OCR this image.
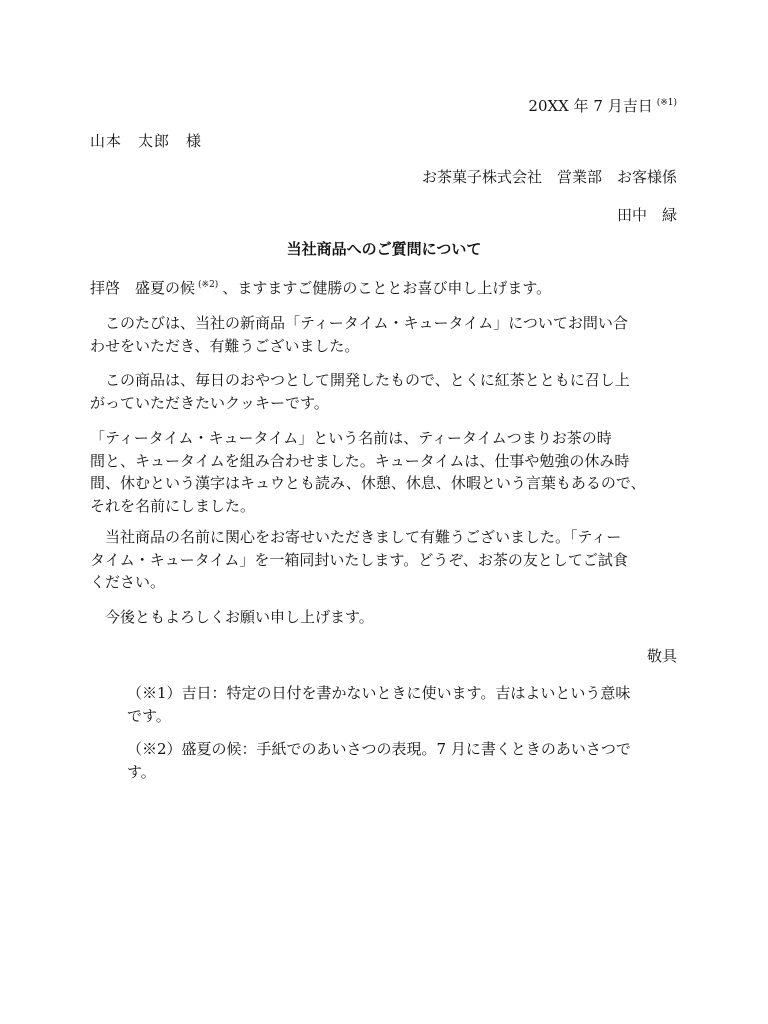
20XX 年 7 月吉日 $^{(※1)}$
山本　太郎　様
お茶菓子株式会社　営業部　お客様係
田中　緑
当社商品へのご質問について
拝啓　盛夏の候 $^{(※2)}$ 、ますますご健勝のこととお喜び申し上げます。
　このたびは、当社の新商品「ティータイム・キュータイム」についてお問い合
わせをいただき、有難うございました。
　この商品は、毎日のおやつとして開発したもので、とくに紅茶とともに召し上
がっていただきたいクッキーです。
「ティータイム・キュータイム」という名前は、ティータイムつまりお茶の時
間と、キュータイムを組み合わせました。キュータイムは、仕事や勉強の休み時
間、休むという漢字はキュウとも読み、休憩、休息、休暇という言葉もあるので、
それを名前にしました。
　当社商品の名前に関心をお寄せいただきまして有難うございました。「ティー
タイム・キュータイム」を一箱同封いたします。どうぞ、お茶の友としてご試食
ください。
　今後ともよろしくお願い申し上げます。
敬具
（※1）吉日：特定の日付を書かないときに使います。吉はよいという意味
です。
（※2）盛夏の候：手紙でのあいさつの表現。7 月に書くときのあいさつで
す。
